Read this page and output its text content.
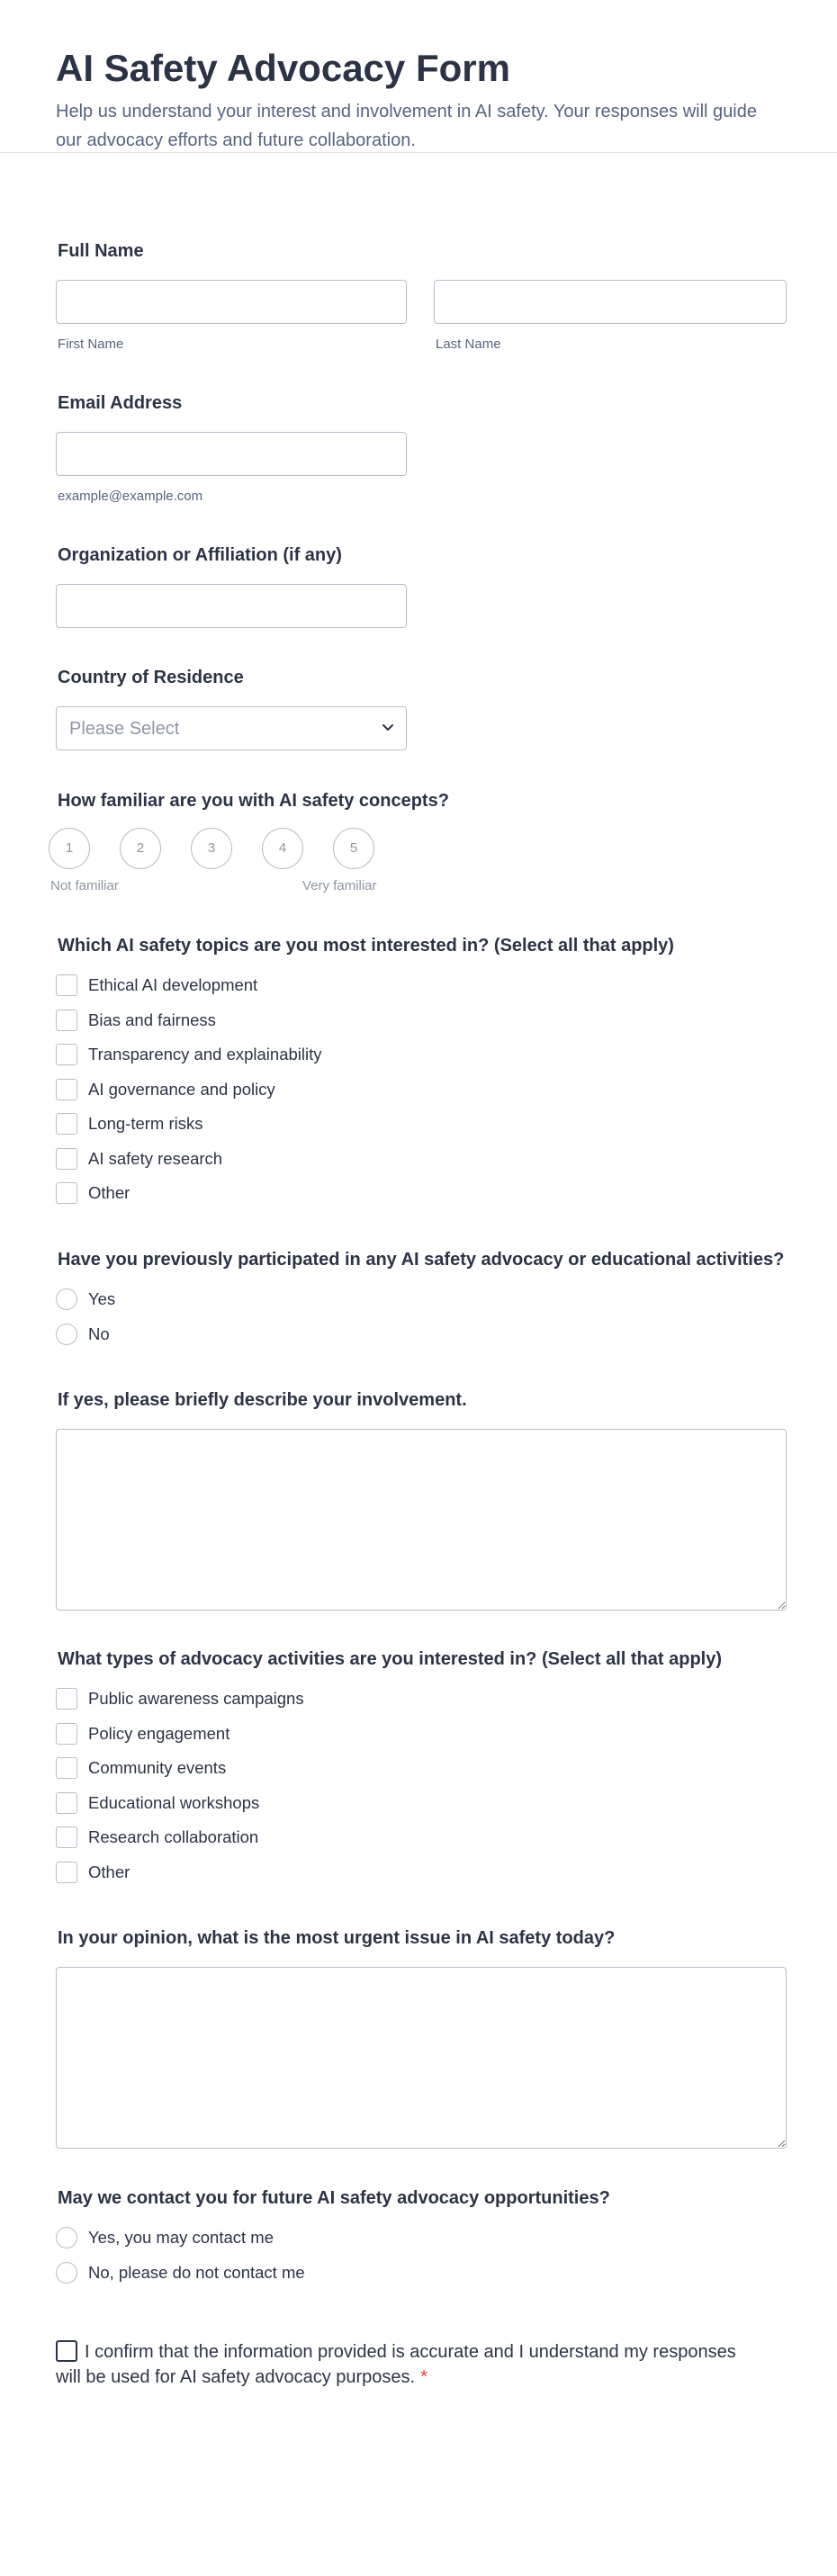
AI Safety Advocacy Form

Help us understand your interest and involvement in AI safety. Your responses will guide our advocacy efforts and future collaboration.

Full Name
First Name	Last Name
Email Address
example@example.com
Organization or Affiliation (if any)
Country of Residence
Please Select
How familiar are you with AI safety concepts?
1	2	3	4	5
Not familiar	Very familiar
Which AI safety topics are you most interested in? (Select all that apply)
Ethical AI development
Bias and fairness
Transparency and explainability
AI governance and policy
Long-term risks
AI safety research
Other
Have you previously participated in any AI safety advocacy or educational activities?
Yes
No
If yes, please briefly describe your involvement.
What types of advocacy activities are you interested in? (Select all that apply)
Public awareness campaigns
Policy engagement
Community events
Educational workshops
Research collaboration
Other
In your opinion, what is the most urgent issue in AI safety today?
May we contact you for future AI safety advocacy opportunities?
Yes, you may contact me
No, please do not contact me
I confirm that the information provided is accurate and I understand my responses will be used for AI safety advocacy purposes. *
